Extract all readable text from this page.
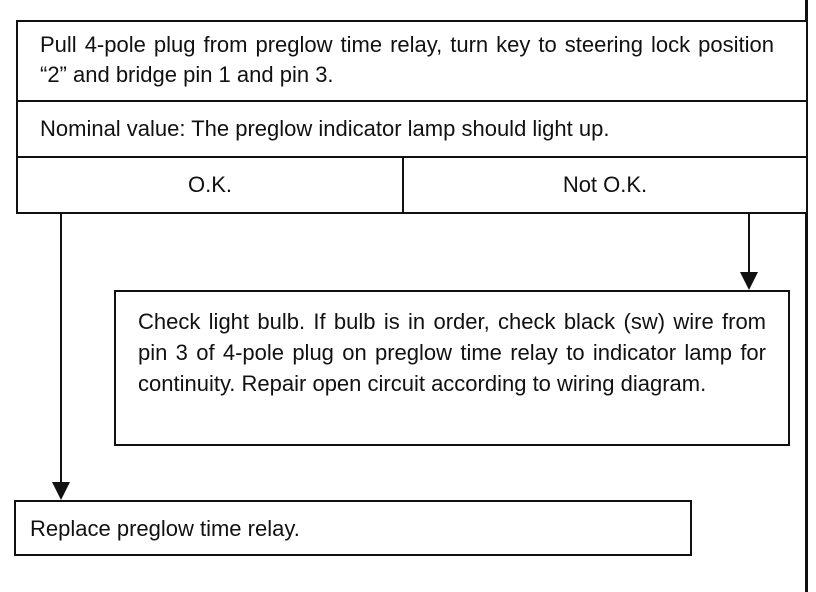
Pull 4-pole plug from preglow time relay, turn key to steering lock position “2” and bridge pin 1 and pin 3.
Nominal value: The preglow indicator lamp should light up.
O.K.	Not O.K.
Check light bulb. If bulb is in order, check black (sw) wire from pin 3 of 4-pole plug on preglow time relay to indicator lamp for continuity. Repair open circuit according to wiring diagram.
Replace preglow time relay.
